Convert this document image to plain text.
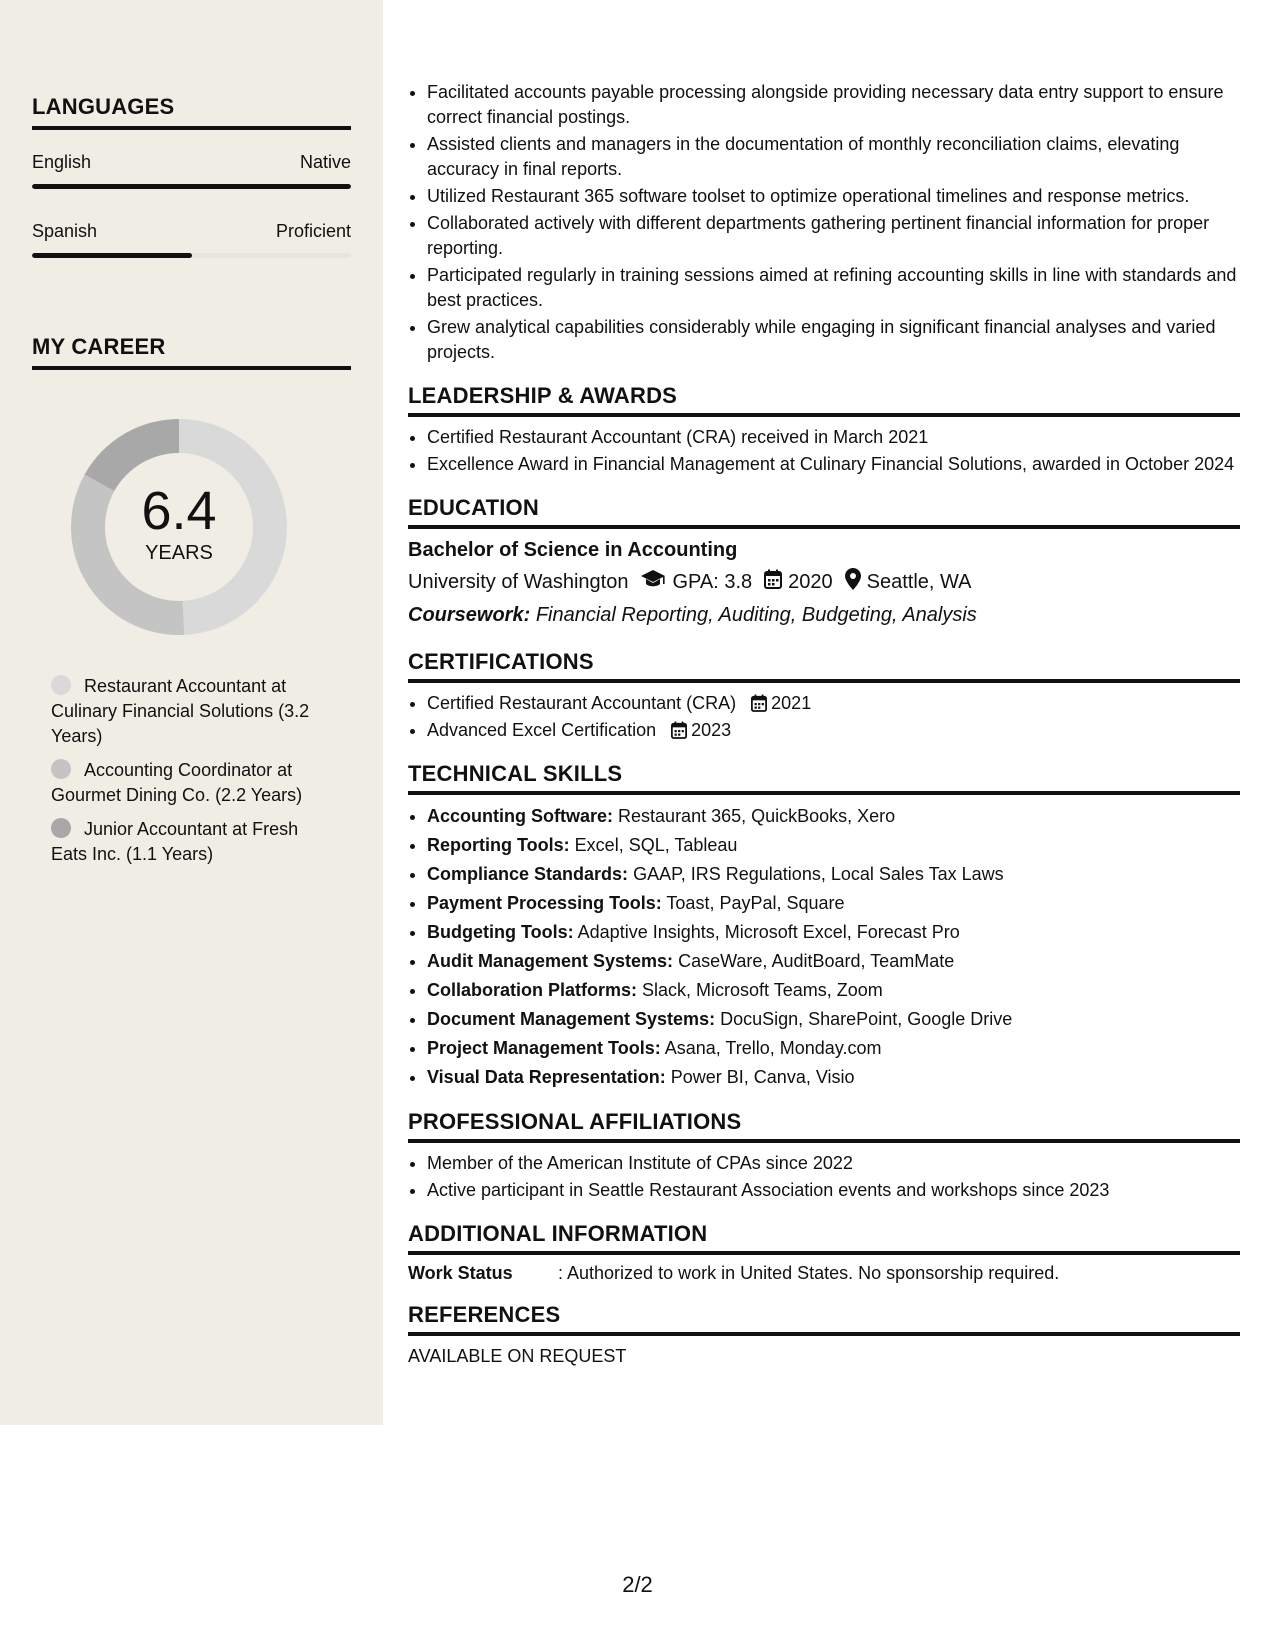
LANGUAGES
English	Native
Spanish	Proficient
MY CAREER
6.4
YEARS
Restaurant Accountant at Culinary Financial Solutions (3.2 Years)
Accounting Coordinator at Gourmet Dining Co. (2.2 Years)
Junior Accountant at Fresh Eats Inc. (1.1 Years)
• Facilitated accounts payable processing alongside providing necessary data entry support to ensure correct financial postings.
• Assisted clients and managers in the documentation of monthly reconciliation claims, elevating accuracy in final reports.
• Utilized Restaurant 365 software toolset to optimize operational timelines and response metrics.
• Collaborated actively with different departments gathering pertinent financial information for proper reporting.
• Participated regularly in training sessions aimed at refining accounting skills in line with standards and best practices.
• Grew analytical capabilities considerably while engaging in significant financial analyses and varied projects.
LEADERSHIP & AWARDS
• Certified Restaurant Accountant (CRA) received in March 2021
• Excellence Award in Financial Management at Culinary Financial Solutions, awarded in October 2024
EDUCATION
Bachelor of Science in Accounting
University of Washington GPA: 3.8 2020 Seattle, WA
Coursework: Financial Reporting, Auditing, Budgeting, Analysis
CERTIFICATIONS
• Certified Restaurant Accountant (CRA) 2021
• Advanced Excel Certification 2023
TECHNICAL SKILLS
• Accounting Software: Restaurant 365, QuickBooks, Xero
• Reporting Tools: Excel, SQL, Tableau
• Compliance Standards: GAAP, IRS Regulations, Local Sales Tax Laws
• Payment Processing Tools: Toast, PayPal, Square
• Budgeting Tools: Adaptive Insights, Microsoft Excel, Forecast Pro
• Audit Management Systems: CaseWare, AuditBoard, TeamMate
• Collaboration Platforms: Slack, Microsoft Teams, Zoom
• Document Management Systems: DocuSign, SharePoint, Google Drive
• Project Management Tools: Asana, Trello, Monday.com
• Visual Data Representation: Power BI, Canva, Visio
PROFESSIONAL AFFILIATIONS
• Member of the American Institute of CPAs since 2022
• Active participant in Seattle Restaurant Association events and workshops since 2023
ADDITIONAL INFORMATION
Work Status	: Authorized to work in United States. No sponsorship required.
REFERENCES
AVAILABLE ON REQUEST
2/2
